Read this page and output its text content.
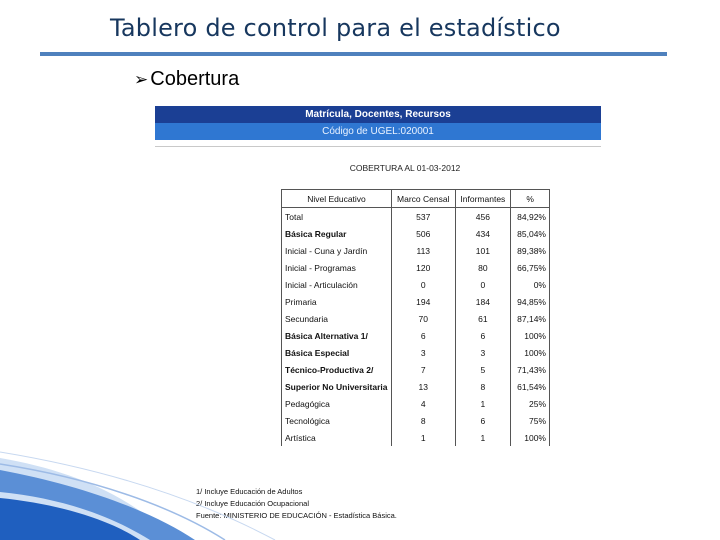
Tablero de control para el estadístico
➢ Cobertura
Matrícula, Docentes, Recursos
Código de UGEL:020001
COBERTURA AL 01-03-2012
Nivel Educativo	Marco Censal	Informantes	%
Total	537	456	84,92%
Básica Regular	506	434	85,04%
Inicial - Cuna y Jardín	113	101	89,38%
Inicial - Programas	120	80	66,75%
Inicial - Articulación	0	0	0%
Primaria	194	184	94,85%
Secundaria	70	61	87,14%
Básica Alternativa 1/	6	6	100%
Básica Especial	3	3	100%
Técnico-Productiva 2/	7	5	71,43%
Superior No Universitaria	13	8	61,54%
Pedagógica	4	1	25%
Tecnológica	8	6	75%
Artística	1	1	100%
1/ Incluye Educación de Adultos
2/ Incluye Educación Ocupacional
Fuente: MINISTERIO DE EDUCACIÓN - Estadística Básica.
